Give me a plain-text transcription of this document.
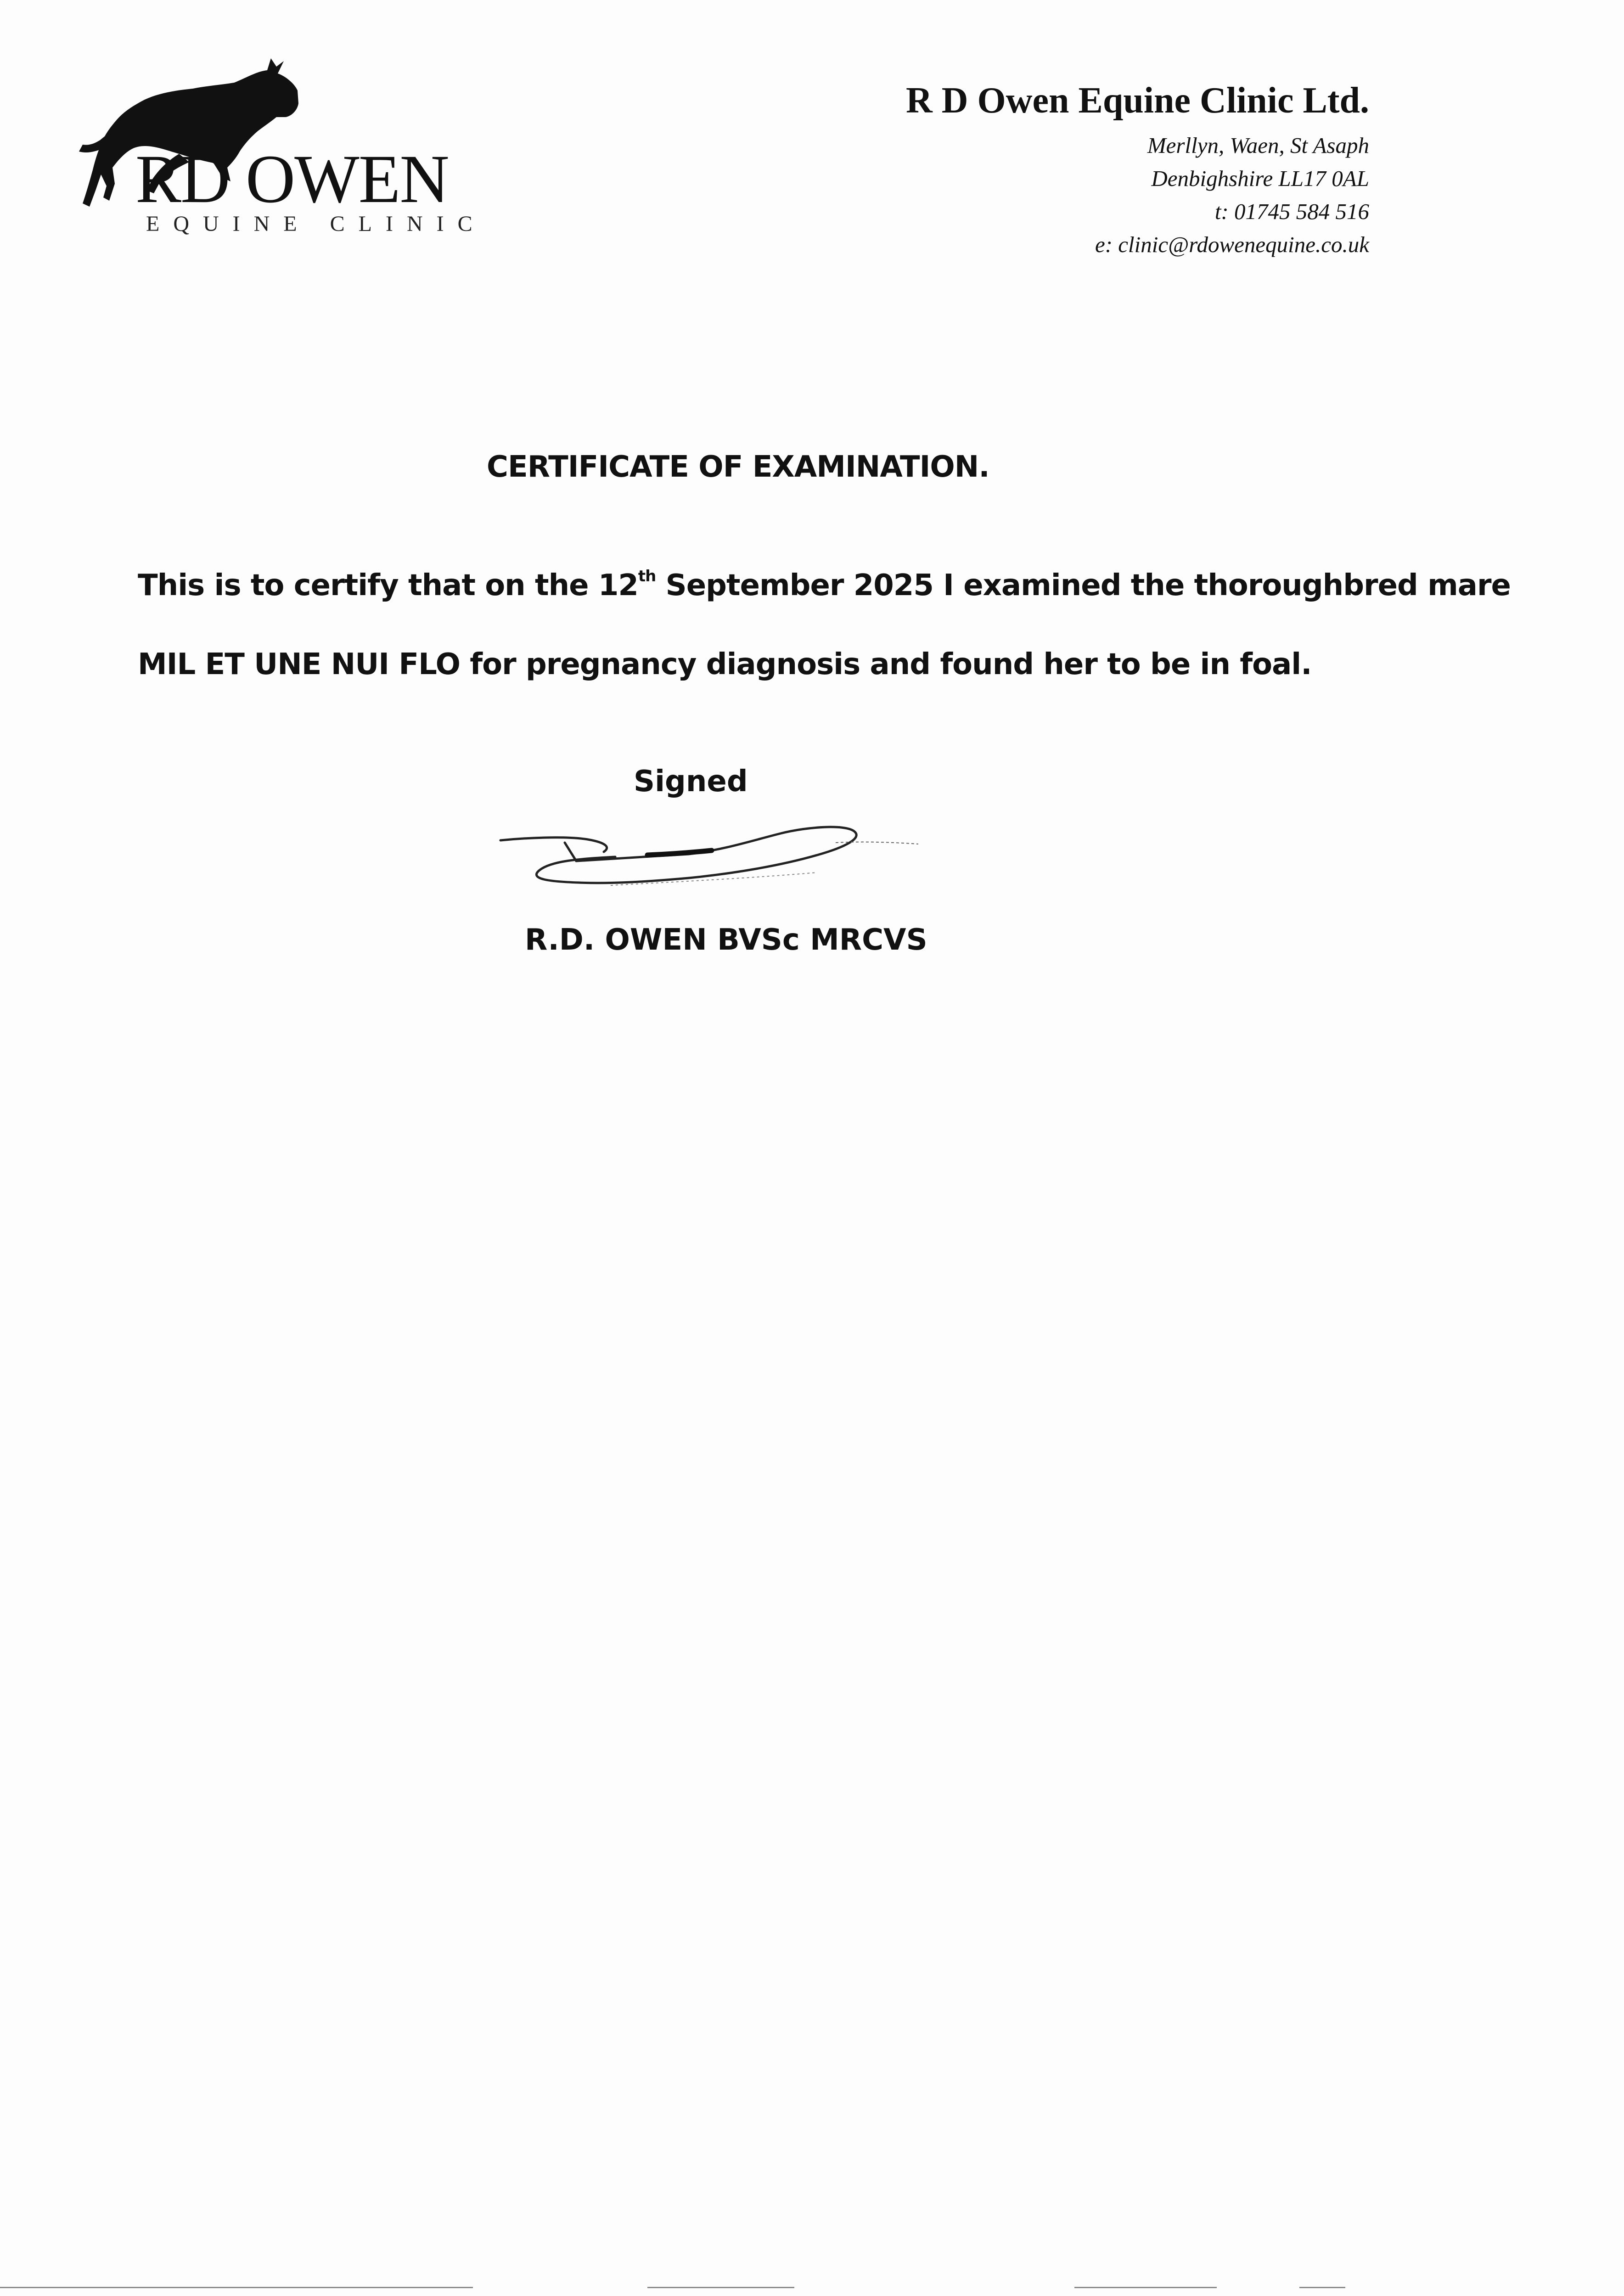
RD OWEN
EQUINE CLINIC
R D Owen Equine Clinic Ltd.
Merllyn, Waen, St Asaph
Denbighshire LL17 0AL
t: 01745 584 516
e: clinic@rdowenequine.co.uk
CERTIFICATE OF EXAMINATION.
This is to certify that on the 12th September 2025 I examined the thoroughbred mare
MIL ET UNE NUI FLO for pregnancy diagnosis and found her to be in foal.
Signed
R.D. OWEN BVSc MRCVS
